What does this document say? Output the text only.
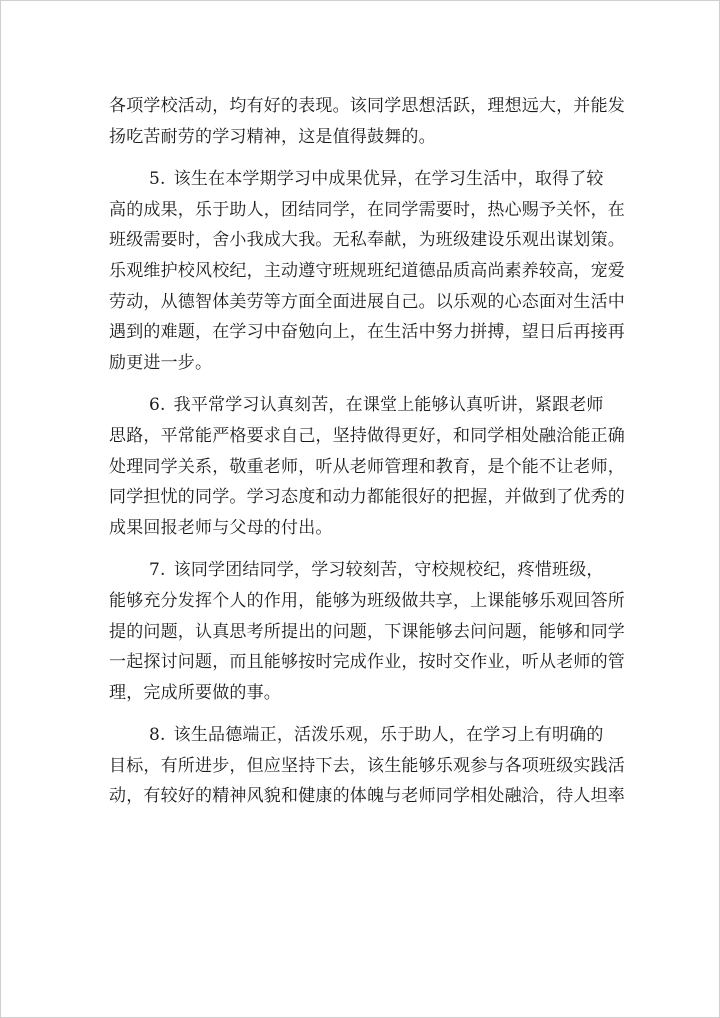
各项学校活动，均有好的表现。该同学思想活跃，理想远大，并能发
扬吃苦耐劳的学习精神，这是值得鼓舞的。

5. 该生在本学期学习中成果优异，在学习生活中，取得了较
高的成果，乐于助人，团结同学，在同学需要时，热心赐予关怀，在
班级需要时，舍小我成大我。无私奉献，为班级建设乐观出谋划策。
乐观维护校风校纪，主动遵守班规班纪道德品质高尚素养较高，宠爱
劳动，从德智体美劳等方面全面进展自己。以乐观的心态面对生活中
遇到的难题，在学习中奋勉向上，在生活中努力拼搏，望日后再接再
励更进一步。

6. 我平常学习认真刻苦，在课堂上能够认真听讲，紧跟老师
思路，平常能严格要求自己，坚持做得更好，和同学相处融洽能正确
处理同学关系，敬重老师，听从老师管理和教育，是个能不让老师，
同学担忧的同学。学习态度和动力都能很好的把握，并做到了优秀的
成果回报老师与父母的付出。

7. 该同学团结同学，学习较刻苦，守校规校纪，疼惜班级，
能够充分发挥个人的作用，能够为班级做共享，上课能够乐观回答所
提的问题，认真思考所提出的问题，下课能够去问问题，能够和同学
一起探讨问题，而且能够按时完成作业，按时交作业，听从老师的管
理，完成所要做的事。

8. 该生品德端正，活泼乐观，乐于助人，在学习上有明确的
目标，有所进步，但应坚持下去，该生能够乐观参与各项班级实践活
动，有较好的精神风貌和健康的体魄与老师同学相处融洽，待人坦率
